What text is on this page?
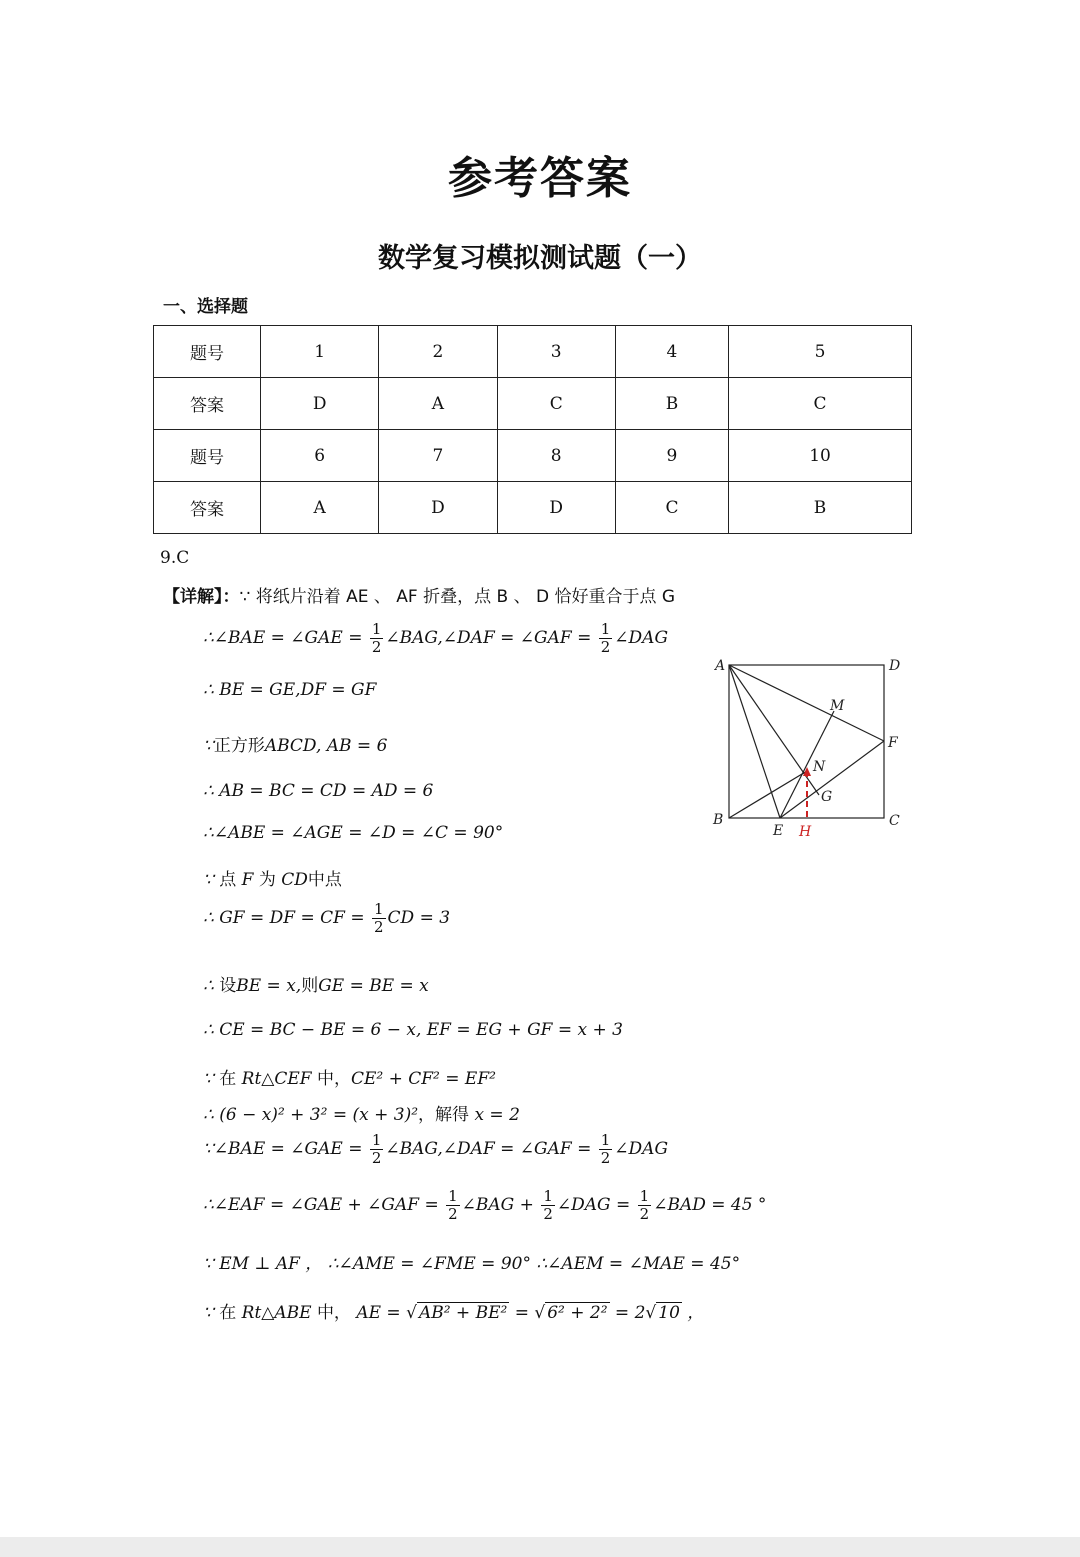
参考答案
数学复习模拟测试题（一）
一、选择题
题号	1	2	3	4	5
答案	D	A	C	B	C
题号	6	7	8	9	10
答案	A	D	D	C	B
9.C
【详解】：∵ 将纸片沿着 AE 、 AF 折叠，点 B 、 D 恰好重合于点 G
∴∠BAE = ∠GAE = $\frac{1}{2}$ ∠BAG,∠DAF = ∠GAF = $\frac{1}{2}$ ∠DAG
∴ BE = GE,DF = GF
∵正方形ABCD, AB = 6
∴ AB = BC = CD = AD = 6
∴∠ABE = ∠AGE = ∠D = ∠C = 90°
∵ 点 F 为 CD中点
∴ GF = DF = CF = $\frac{1}{2}$ CD = 3
∴ 设BE = x,则GE = BE = x
∴ CE = BC − BE = 6 − x, EF = EG + GF = x + 3
∵ 在 Rt△CEF 中，CE² + CF² = EF²
∴ (6 − x)² + 3² = (x + 3)²，解得 x = 2
∵∠BAE = ∠GAE = $\frac{1}{2}$ ∠BAG,∠DAF = ∠GAF = $\frac{1}{2}$ ∠DAG
∴∠EAF = ∠GAE + ∠GAF = $\frac{1}{2}$ ∠BAG + $\frac{1}{2}$ ∠DAG = $\frac{1}{2}$ ∠BAD = 45 °
∵ EM ⊥ AF ， ∴∠AME = ∠FME = 90° ∴∠AEM = ∠MAE = 45°
∵ 在 Rt△ABE 中， AE = √ AB² + BE² = √ 6² + 2² = 2√ 10 ，
A	D
B	C
E
F
G
M
N
H
